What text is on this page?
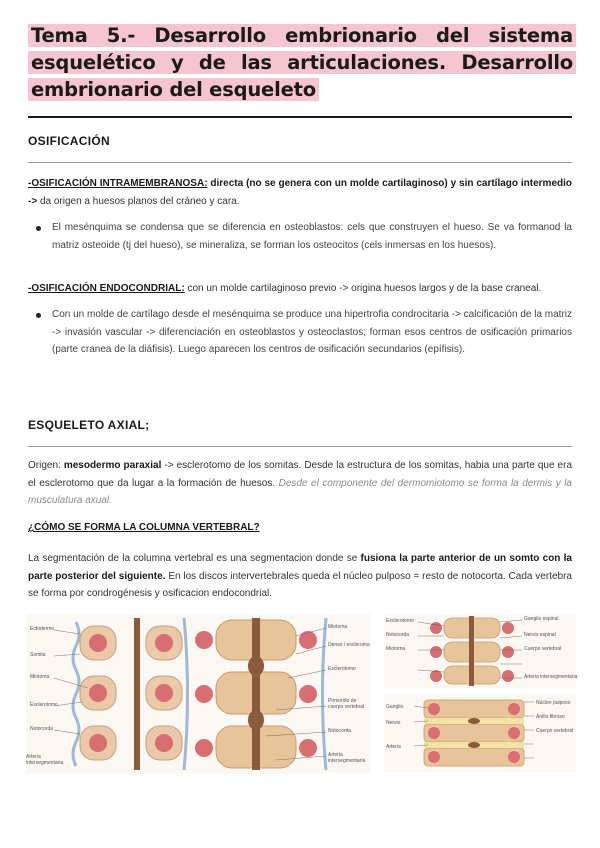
Tema 5.- Desarrollo embrionario del sistema esquelético y de las articulaciones. Desarrollo embrionario del esqueleto
OSIFICACIÓN
-OSIFICACIÓN INTRAMEMBRANOSA: directa (no se genera con un molde cartilaginoso) y sin cartílago intermedio -> da origen a huesos planos del cráneo y cara.
El mesénquima se condensa que se diferencia en osteoblastos: cels que construyen el hueso. Se va formanod la matriz osteoide (tj del hueso), se mineraliza, se forman los osteocitos (cels inmersas en los huesos).
-OSIFICACIÓN ENDOCONDRIAL: con un molde cartilaginoso previo -> origina huesos largos y de la base craneal.
Con un molde de cartílago desde el mesénquima se produce una hipertrofia condrocitaria -> calcificación de la matriz -> invasión vascular -> diferenciación en osteoblastos y osteoclastos; forman esos centros de osificación primarios (parte cranea de la diáfisis). Luego aparecen los centros de osificación secundarios (epífisis).
ESQUELETO AXIAL;
Origen: mesodermo paraxial -> esclerotomo de los somitas. Desde la estructura de los somitas, habia una parte que era el esclerotomo que da lugar a la formación de huesos. Desde el componente del dermomiotomo se forma la dermis y la musculatura axual.
¿CÓMO SE FORMA LA COLUMNA VERTEBRAL?
La segmentación de la columna vertebral es una segmentacion donde se fusiona la parte anterior de un somto con la parte posterior del siguiente. En los discos intervertebrales queda el núcleo pulposo = resto de notocorta. Cada vertebra se forma por condrogénesis y osificacion endocondrial.
Ectodermo
Somita
Miotoma
Esclerotomo
Notocorda
Arteria intersegmentaria
Miotoma
Denso / escleroma
Esclerotomo
Primordio de cuerpo vertebral
Notocorda
Arteria intersegmentaria
Esclerotomo
Notocorda
Miotoma
Ganglio espinal
Nervio espinal
Cuerpo vertebral
Arteria intersegmentaria
Ganglio
Nervio
Arteria
Núcleo pulposo
Anillo fibroso
Cuerpo vertebral
